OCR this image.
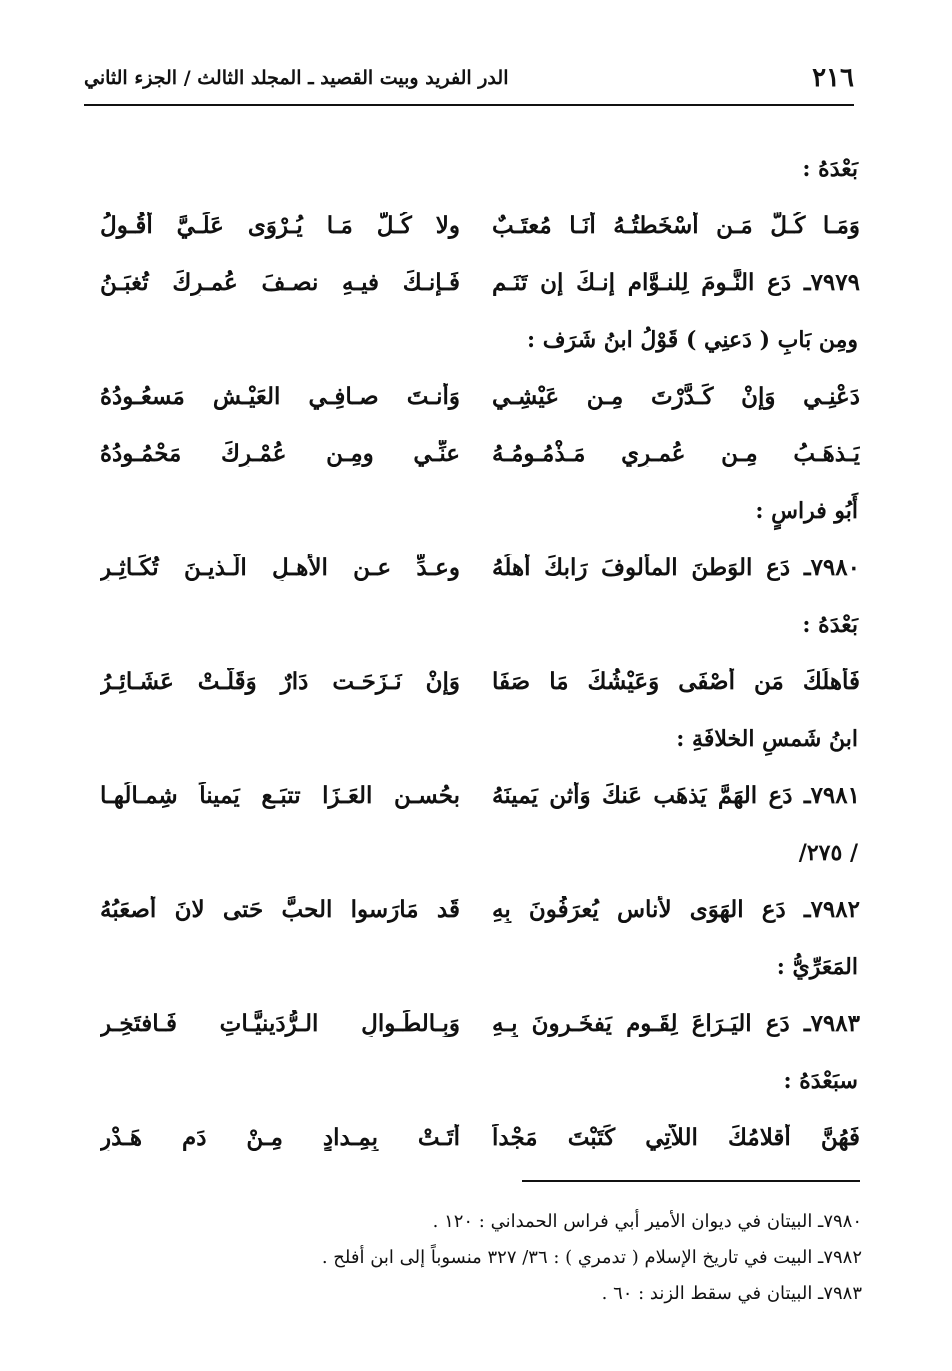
٢١٦
الدر الفريد وبيت القصيد ـ المجلد الثالث / الجزء الثاني
بَعْدَهُ :
وَمَـا كُـلُّ مَـن أَسْخَطتُـهُ أَنَـا مُعتَـبٌ
ولا كُـلُّ مَـا يُـرْوَى عَلَـيَّ أَقُـولُ
٧٩٧٩ـ دَعِ النَّـومَ لِلنـوَّام إِنـكَ إِن تَنَـم
فَـإِنـكَ فيـهِ نصـفَ عُمـرِكَ تُغبَـنُ
ومِن بَابِ ( دَعنِي ) قَوْلُ ابنُ شَرَف :
دَعْنِـي وَإِنْ كَـدَّرْتَ مِـن عَيْشِـي
وَأَنـتَ صـافِـي العَيْـشِ مَسعُـودُهُ
يَـذهَـبُ مِـن عُمـرِي مَـذْمُـومُـهُ
عنِّـي ومِـن عُمْـرِكَ مَحْمُـودُهُ
أَبُو فراسٍ :
٧٩٨٠ـ دَعِ الوَطنَ المألوفَ رَابكَ أَهلُهُ
وعـدِّ عـنِ الأَهـلِ الَّـذيـنَ تُكَـاثِـرِ
بَعْدَهُ :
فَأَهلُكَ مَن أَصْفَى وَعَيْشُكَ مَا صَفَا
وَإِنْ نَـزَحَـت دَارٌ وَقَلَّـتْ عَشَـائِـرُ
ابنُ شَمسِ الخلافَةِ :
٧٩٨١ـ دَعِ الهَمَّ يَذهَب عَنكَ وَأْثنِ يَمينَهُ
بحُسـنِ العَـزَا تتبَـع يَميناً شِمـالُهـا
/ ٢٧٥/
٧٩٨٢ـ دَعِ الهَوَى لأُناسٍ يُعرَفُونَ بِهِ
قَد مَارَسوا الحبَّ حَتى لانَ أَصعَبُهُ
المَعَرِّيُّ :
٧٩٨٣ـ دَع اليَـرَاعَ لِقَـومٍ يَفخَـرونَ بِـهِ
وَبِـالطِّـوالِ الـرُّدَينيَّـاتِ فَـافتَخِـر
سبَعْدَهُ :
فَهُنَّ أقلامُكَ اللاَّتِي كَتَبْتَ مَجْداً
أَتَـتْ بِمِـدادٍ مِـنْ دَمٍ هَـدْرِ
٧٩٨٠ـ البيتان في ديوان الأمير أبي فراس الحمداني : ١٢٠ .
٧٩٨٢ـ البيت في تاريخ الإسلام ( تدمري ) : ٣٦/ ٣٢٧ منسوباً إلى ابن أفلح .
٧٩٨٣ـ البيتان في سقط الزند : ٦٠ .
